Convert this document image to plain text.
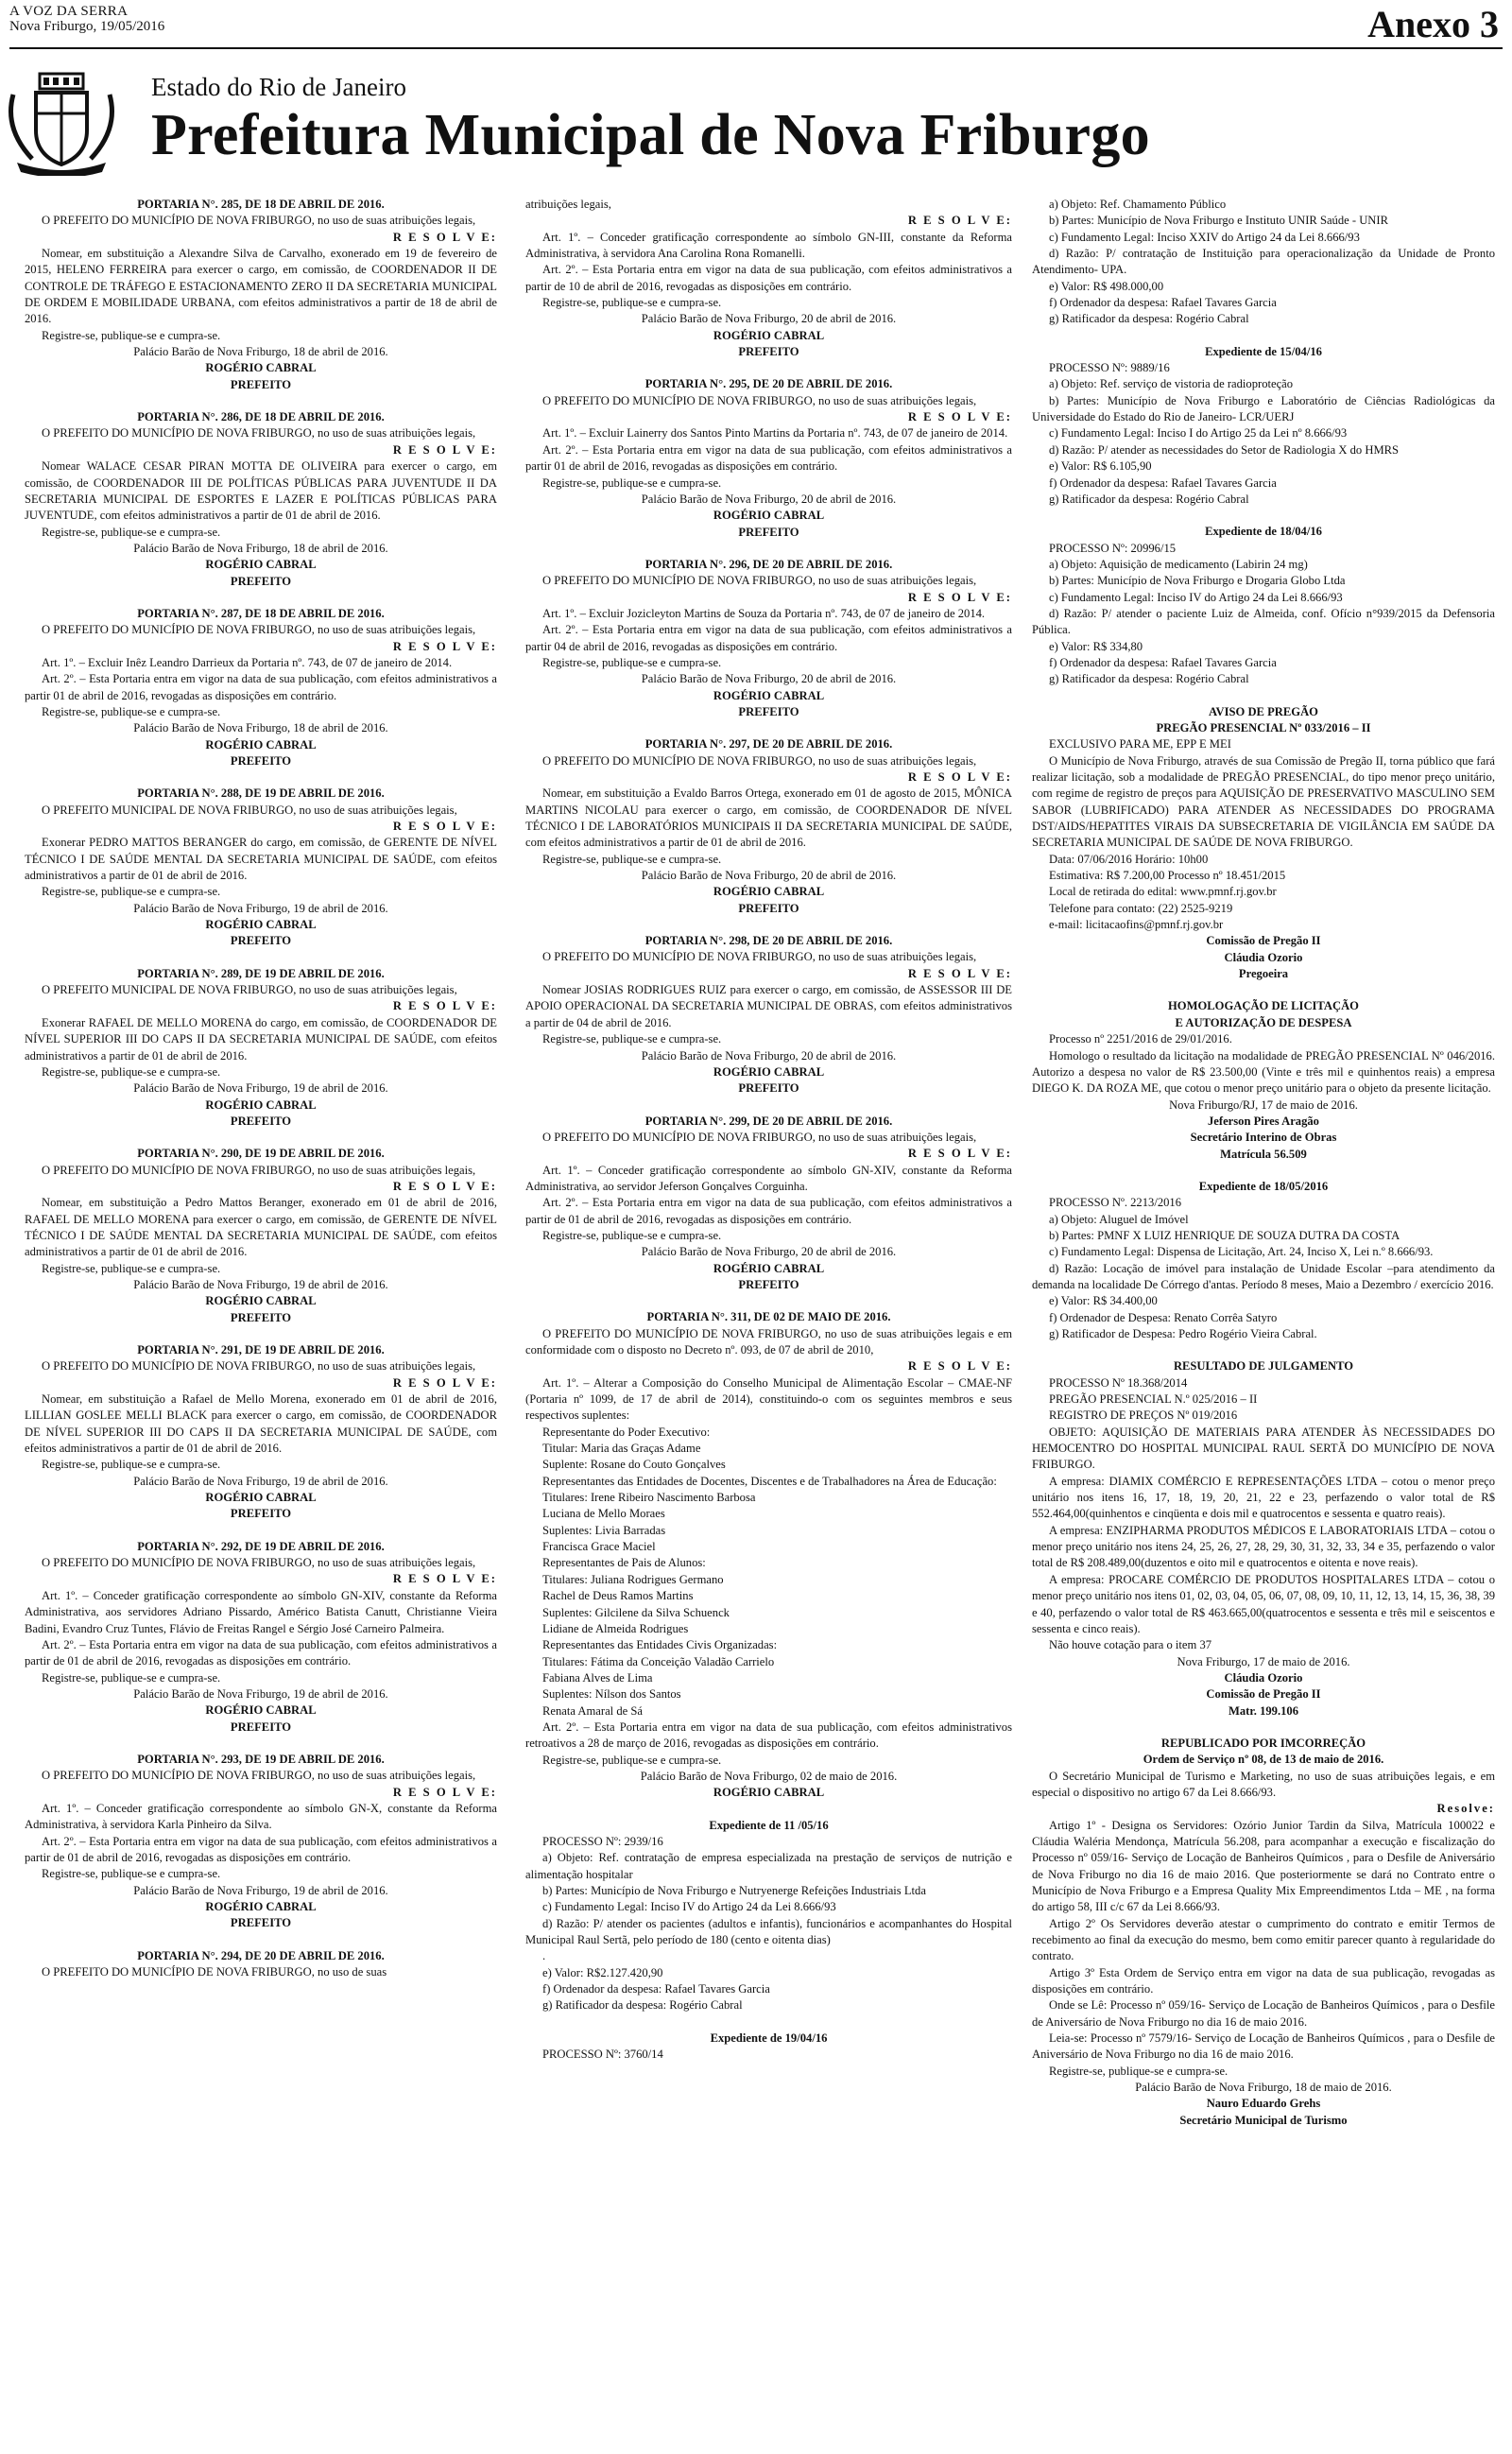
A VOZ DA SERRA
Nova Friburgo, 19/05/2016	Anexo 3
Estado do Rio de Janeiro
Prefeitura Municipal de Nova Friburgo
PORTARIA N°. 285, DE 18 DE ABRIL DE 2016.
O PREFEITO DO MUNICÍPIO DE NOVA FRIBURGO, no uso de suas atribuições legais,
R E S O L V E:
Nomear, em substituição a Alexandre Silva de Carvalho, exonerado em 19 de fevereiro de 2015, HELENO FERREIRA para exercer o cargo, em comissão, de COORDENADOR II DE CONTROLE DE TRÁFEGO E ESTACIONAMENTO ZERO II DA SECRETARIA MUNICIPAL DE ORDEM E MOBILIDADE URBANA, com efeitos administrativos a partir de 18 de abril de 2016.
Registre-se, publique-se e cumpra-se.
Palácio Barão de Nova Friburgo, 18 de abril de 2016.
ROGÉRIO CABRAL
PREFEITO
PORTARIA N°. 286, DE 18 DE ABRIL DE 2016.
O PREFEITO DO MUNICÍPIO DE NOVA FRIBURGO, no uso de suas atribuições legais,
R E S O L V E:
Nomear WALACE CESAR PIRAN MOTTA DE OLIVEIRA para exercer o cargo, em comissão, de COORDENADOR III DE POLÍTICAS PÚBLICAS PARA JUVENTUDE II DA SECRETARIA MUNICIPAL DE ESPORTES E LAZER E POLÍTICAS PÚBLICAS PARA JUVENTUDE, com efeitos administrativos a partir de 01 de abril de 2016.
Registre-se, publique-se e cumpra-se.
Palácio Barão de Nova Friburgo, 18 de abril de 2016.
ROGÉRIO CABRAL
PREFEITO
PORTARIA N°. 287, DE 18 DE ABRIL DE 2016.
O PREFEITO DO MUNICÍPIO DE NOVA FRIBURGO, no uso de suas atribuições legais,
R E S O L V E:
Art. 1º. – Excluir Inêz Leandro Darrieux da Portaria nº. 743, de 07 de janeiro de 2014.
Art. 2º. – Esta Portaria entra em vigor na data de sua publicação, com efeitos administrativos a partir 01 de abril de 2016, revogadas as disposições em contrário.
Registre-se, publique-se e cumpra-se.
Palácio Barão de Nova Friburgo, 18 de abril de 2016.
ROGÉRIO CABRAL
PREFEITO
PORTARIA N°. 288, DE 19 DE ABRIL DE 2016.
O PREFEITO MUNICIPAL DE NOVA FRIBURGO, no uso de suas atribuições legais,
R E S O L V E:
Exonerar PEDRO MATTOS BERANGER do cargo, em comissão, de GERENTE DE NÍVEL TÉCNICO I DE SAÚDE MENTAL DA SECRETARIA MUNICIPAL DE SAÚDE, com efeitos administrativos a partir de 01 de abril de 2016.
Registre-se, publique-se e cumpra-se.
Palácio Barão de Nova Friburgo, 19 de abril de 2016.
ROGÉRIO CABRAL
PREFEITO
PORTARIA N°. 289, DE 19 DE ABRIL DE 2016.
O PREFEITO MUNICIPAL DE NOVA FRIBURGO, no uso de suas atribuições legais,
R E S O L V E:
Exonerar RAFAEL DE MELLO MORENA do cargo, em comissão, de COORDENADOR DE NÍVEL SUPERIOR III DO CAPS II DA SECRETARIA MUNICIPAL DE SAÚDE, com efeitos administrativos a partir de 01 de abril de 2016.
Registre-se, publique-se e cumpra-se.
Palácio Barão de Nova Friburgo, 19 de abril de 2016.
ROGÉRIO CABRAL
PREFEITO
PORTARIA N°. 290, DE 19 DE ABRIL DE 2016.
O PREFEITO DO MUNICÍPIO DE NOVA FRIBURGO, no uso de suas atribuições legais,
R E S O L V E:
Nomear, em substituição a Pedro Mattos Beranger, exonerado em 01 de abril de 2016, RAFAEL DE MELLO MORENA para exercer o cargo, em comissão, de GERENTE DE NÍVEL TÉCNICO I DE SAÚDE MENTAL DA SECRETARIA MUNICIPAL DE SAÚDE, com efeitos administrativos a partir de 01 de abril de 2016.
Registre-se, publique-se e cumpra-se.
Palácio Barão de Nova Friburgo, 19 de abril de 2016.
ROGÉRIO CABRAL
PREFEITO
PORTARIA N°. 291, DE 19 DE ABRIL DE 2016.
O PREFEITO DO MUNICÍPIO DE NOVA FRIBURGO, no uso de suas atribuições legais,
R E S O L V E:
Nomear, em substituição a Rafael de Mello Morena, exonerado em 01 de abril de 2016, LILLIAN GOSLEE MELLI BLACK para exercer o cargo, em comissão, de COORDENADOR DE NÍVEL SUPERIOR III DO CAPS II DA SECRETARIA MUNICIPAL DE SAÚDE, com efeitos administrativos a partir de 01 de abril de 2016.
Registre-se, publique-se e cumpra-se.
Palácio Barão de Nova Friburgo, 19 de abril de 2016.
ROGÉRIO CABRAL
PREFEITO
PORTARIA N°. 292, DE 19 DE ABRIL DE 2016.
O PREFEITO DO MUNICÍPIO DE NOVA FRIBURGO, no uso de suas atribuições legais,
R E S O L V E:
Art. 1º. – Conceder gratificação correspondente ao símbolo GN-XIV, constante da Reforma Administrativa, aos servidores Adriano Pissardo, Américo Batista Canutt, Christianne Vieira Badini, Evandro Cruz Tuntes, Flávio de Freitas Rangel e Sérgio José Carneiro Palmeira.
Art. 2º. – Esta Portaria entra em vigor na data de sua publicação, com efeitos administrativos a partir de 01 de abril de 2016, revogadas as disposições em contrário.
Registre-se, publique-se e cumpra-se.
Palácio Barão de Nova Friburgo, 19 de abril de 2016.
ROGÉRIO CABRAL
PREFEITO
PORTARIA N°. 293, DE 19 DE ABRIL DE 2016.
O PREFEITO DO MUNICÍPIO DE NOVA FRIBURGO, no uso de suas atribuições legais,
R E S O L V E:
Art. 1º. – Conceder gratificação correspondente ao símbolo GN-X, constante da Reforma Administrativa, à servidora Karla Pinheiro da Silva.
Art. 2º. – Esta Portaria entra em vigor na data de sua publicação, com efeitos administrativos a partir de 01 de abril de 2016, revogadas as disposições em contrário.
Registre-se, publique-se e cumpra-se.
Palácio Barão de Nova Friburgo, 19 de abril de 2016.
ROGÉRIO CABRAL
PREFEITO
PORTARIA N°. 294, DE 20 DE ABRIL DE 2016.
O PREFEITO DO MUNICÍPIO DE NOVA FRIBURGO, no uso de suas
atribuições legais,
R E S O L V E:
Art. 1º. – Conceder gratificação correspondente ao símbolo GN-III, constante da Reforma Administrativa, à servidora Ana Carolina Rona Romanelli.
Art. 2º. – Esta Portaria entra em vigor na data de sua publicação, com efeitos administrativos a partir de 10 de abril de 2016, revogadas as disposições em contrário.
Registre-se, publique-se e cumpra-se.
Palácio Barão de Nova Friburgo, 20 de abril de 2016.
ROGÉRIO CABRAL
PREFEITO
PORTARIA N°. 295, DE 20 DE ABRIL DE 2016.
O PREFEITO DO MUNICÍPIO DE NOVA FRIBURGO, no uso de suas atribuições legais,
R E S O L V E:
Art. 1º. – Excluir Lainerry dos Santos Pinto Martins da Portaria nº. 743, de 07 de janeiro de 2014.
Art. 2º. – Esta Portaria entra em vigor na data de sua publicação, com efeitos administrativos a partir 01 de abril de 2016, revogadas as disposições em contrário.
Registre-se, publique-se e cumpra-se.
Palácio Barão de Nova Friburgo, 20 de abril de 2016.
ROGÉRIO CABRAL
PREFEITO
PORTARIA N°. 296, DE 20 DE ABRIL DE 2016.
O PREFEITO DO MUNICÍPIO DE NOVA FRIBURGO, no uso de suas atribuições legais,
R E S O L V E:
Art. 1º. – Excluir Jozicleyton Martins de Souza da Portaria nº. 743, de 07 de janeiro de 2014.
Art. 2º. – Esta Portaria entra em vigor na data de sua publicação, com efeitos administrativos a partir 04 de abril de 2016, revogadas as disposições em contrário.
Registre-se, publique-se e cumpra-se.
Palácio Barão de Nova Friburgo, 20 de abril de 2016.
ROGÉRIO CABRAL
PREFEITO
PORTARIA N°. 297, DE 20 DE ABRIL DE 2016.
O PREFEITO DO MUNICÍPIO DE NOVA FRIBURGO, no uso de suas atribuições legais,
R E S O L V E:
Nomear, em substituição a Evaldo Barros Ortega, exonerado em 01 de agosto de 2015, MÔNICA MARTINS NICOLAU para exercer o cargo, em comissão, de COORDENADOR DE NÍVEL TÉCNICO I DE LABORATÓRIOS MUNICIPAIS II DA SECRETARIA MUNICIPAL DE SAÚDE, com efeitos administrativos a partir de 01 de abril de 2016.
Registre-se, publique-se e cumpra-se.
Palácio Barão de Nova Friburgo, 20 de abril de 2016.
ROGÉRIO CABRAL
PREFEITO
PORTARIA N°. 298, DE 20 DE ABRIL DE 2016.
O PREFEITO DO MUNICÍPIO DE NOVA FRIBURGO, no uso de suas atribuições legais,
R E S O L V E:
Nomear JOSIAS RODRIGUES RUIZ para exercer o cargo, em comissão, de ASSESSOR III DE APOIO OPERACIONAL DA SECRETARIA MUNICIPAL DE OBRAS, com efeitos administrativos a partir de 04 de abril de 2016.
Registre-se, publique-se e cumpra-se.
Palácio Barão de Nova Friburgo, 20 de abril de 2016.
ROGÉRIO CABRAL
PREFEITO
PORTARIA N°. 299, DE 20 DE ABRIL DE 2016.
O PREFEITO DO MUNICÍPIO DE NOVA FRIBURGO, no uso de suas atribuições legais,
R E S O L V E:
Art. 1º. – Conceder gratificação correspondente ao símbolo GN-XIV, constante da Reforma Administrativa, ao servidor Jeferson Gonçalves Corguinha.
Art. 2º. – Esta Portaria entra em vigor na data de sua publicação, com efeitos administrativos a partir de 01 de abril de 2016, revogadas as disposições em contrário.
Registre-se, publique-se e cumpra-se.
Palácio Barão de Nova Friburgo, 20 de abril de 2016.
ROGÉRIO CABRAL
PREFEITO
PORTARIA N°. 311, DE 02 DE MAIO DE 2016.
O PREFEITO DO MUNICÍPIO DE NOVA FRIBURGO, no uso de suas atribuições legais e em conformidade com o disposto no Decreto nº. 093, de 07 de abril de 2010,
R E S O L V E:
Art. 1º. – Alterar a Composição do Conselho Municipal de Alimentação Escolar – CMAE-NF (Portaria nº 1099, de 17 de abril de 2014), constituindo-o com os seguintes membros e seus respectivos suplentes:
Representante do Poder Executivo:
Titular: Maria das Graças Adame
Suplente: Rosane do Couto Gonçalves
Representantes das Entidades de Docentes, Discentes e de Trabalhadores na Área de Educação:
Titulares: Irene Ribeiro Nascimento Barbosa
Luciana de Mello Moraes
Suplentes: Livia Barradas
Francisca Grace Maciel
Representantes de Pais de Alunos:
Titulares: Juliana Rodrigues Germano
Rachel de Deus Ramos Martins
Suplentes: Gilcilene da Silva Schuenck
Lidiane de Almeida Rodrigues
Representantes das Entidades Civis Organizadas:
Titulares: Fátima da Conceição Valadão Carrielo
Fabiana Alves de Lima
Suplentes: Nílson dos Santos
Renata Amaral de Sá
Art. 2º. – Esta Portaria entra em vigor na data de sua publicação, com efeitos administrativos retroativos a 28 de março de 2016, revogadas as disposições em contrário.
Registre-se, publique-se e cumpra-se.
Palácio Barão de Nova Friburgo, 02 de maio de 2016.
ROGÉRIO CABRAL
Expediente de 11 /05/16
PROCESSO Nº: 2939/16
a) Objeto: Ref. contratação de empresa especializada na prestação de serviços de nutrição e alimentação hospitalar
b) Partes: Município de Nova Friburgo e Nutryenerge Refeições Industriais Ltda
c) Fundamento Legal: Inciso IV do Artigo 24 da Lei 8.666/93
d) Razão: P/ atender os pacientes (adultos e infantis), funcionários e acompanhantes do Hospital Municipal Raul Sertã, pelo período de 180 (cento e oitenta dias)
.
e) Valor: R$2.127.420,90
f) Ordenador da despesa: Rafael Tavares Garcia
g) Ratificador da despesa: Rogério Cabral
Expediente de 19/04/16
PROCESSO Nº: 3760/14
a) Objeto: Ref. Chamamento Público
b) Partes: Município de Nova Friburgo e Instituto UNIR Saúde - UNIR
c) Fundamento Legal: Inciso XXIV do Artigo 24 da Lei 8.666/93
d) Razão: P/ contratação de Instituição para operacionalização da Unidade de Pronto Atendimento- UPA.
e) Valor: R$ 498.000,00
f) Ordenador da despesa: Rafael Tavares Garcia
g) Ratificador da despesa: Rogério Cabral
Expediente de 15/04/16
PROCESSO Nº: 9889/16
a) Objeto: Ref. serviço de vistoria de radioproteção
b) Partes: Município de Nova Friburgo e Laboratório de Ciências Radiológicas da Universidade do Estado do Rio de Janeiro- LCR/UERJ
c) Fundamento Legal: Inciso I do Artigo 25 da Lei nº 8.666/93
d) Razão: P/ atender as necessidades do Setor de Radiologia X do HMRS
e) Valor: R$ 6.105,90
f) Ordenador da despesa: Rafael Tavares Garcia
g) Ratificador da despesa: Rogério Cabral
Expediente de 18/04/16
PROCESSO Nº: 20996/15
a) Objeto: Aquisição de medicamento (Labirin 24 mg)
b) Partes: Município de Nova Friburgo e Drogaria Globo Ltda
c) Fundamento Legal: Inciso IV do Artigo 24 da Lei 8.666/93
d) Razão: P/ atender o paciente Luiz de Almeida, conf. Ofício n°939/2015 da Defensoria Pública.
e) Valor: R$ 334,80
f) Ordenador da despesa: Rafael Tavares Garcia
g) Ratificador da despesa: Rogério Cabral
AVISO DE PREGÃO
PREGÃO PRESENCIAL Nº 033/2016 – II
EXCLUSIVO PARA ME, EPP E MEI
O Município de Nova Friburgo, através de sua Comissão de Pregão II, torna público que fará realizar licitação, sob a modalidade de PREGÃO PRESENCIAL, do tipo menor preço unitário, com regime de registro de preços para AQUISIÇÃO DE PRESERVATIVO MASCULINO SEM SABOR (LUBRIFICADO) PARA ATENDER AS NECESSIDADES DO PROGRAMA DST/AIDS/HEPATITES VIRAIS DA SUBSECRETARIA DE VIGILÂNCIA EM SAÚDE DA SECRETARIA MUNICIPAL DE SAÚDE DE NOVA FRIBURGO.
Data: 07/06/2016 Horário: 10h00
Estimativa: R$ 7.200,00 Processo nº 18.451/2015
Local de retirada do edital: www.pmnf.rj.gov.br
Telefone para contato: (22) 2525-9219
e-mail: licitacaofins@pmnf.rj.gov.br
Comissão de Pregão II
Cláudia Ozorio
Pregoeira
HOMOLOGAÇÃO DE LICITAÇÃO
E AUTORIZAÇÃO DE DESPESA
Processo nº 2251/2016 de 29/01/2016.
Homologo o resultado da licitação na modalidade de PREGÃO PRESENCIAL Nº 046/2016. Autorizo a despesa no valor de R$ 23.500,00 (Vinte e três mil e quinhentos reais) a empresa DIEGO K. DA ROZA ME, que cotou o menor preço unitário para o objeto da presente licitação.
Nova Friburgo/RJ, 17 de maio de 2016.
Jeferson Pires Aragão
Secretário Interino de Obras
Matrícula 56.509
Expediente de 18/05/2016
PROCESSO Nº. 2213/2016
a) Objeto: Aluguel de Imóvel
b) Partes: PMNF X LUIZ HENRIQUE DE SOUZA DUTRA DA COSTA
c) Fundamento Legal: Dispensa de Licitação, Art. 24, Inciso X, Lei n.º 8.666/93.
d) Razão: Locação de imóvel para instalação de Unidade Escolar –para atendimento da demanda na localidade De Córrego d'antas. Período 8 meses, Maio a Dezembro / exercício 2016.
e) Valor: R$ 34.400,00
f) Ordenador de Despesa: Renato Corrêa Satyro
g) Ratificador de Despesa: Pedro Rogério Vieira Cabral.
RESULTADO DE JULGAMENTO
PROCESSO Nº 18.368/2014
PREGÃO PRESENCIAL N.º 025/2016 – II
REGISTRO DE PREÇOS Nº 019/2016
OBJETO: AQUISIÇÃO DE MATERIAIS PARA ATENDER ÀS NECESSIDADES DO HEMOCENTRO DO HOSPITAL MUNICIPAL RAUL SERTÃ DO MUNICÍPIO DE NOVA FRIBURGO.
A empresa: DIAMIX COMÉRCIO E REPRESENTAÇÕES LTDA – cotou o menor preço unitário nos itens 16, 17, 18, 19, 20, 21, 22 e 23, perfazendo o valor total de R$ 552.464,00(quinhentos e cinqüenta e dois mil e quatrocentos e sessenta e quatro reais).
A empresa: ENZIPHARMA PRODUTOS MÉDICOS E LABORATORIAIS LTDA – cotou o menor preço unitário nos itens 24, 25, 26, 27, 28, 29, 30, 31, 32, 33, 34 e 35, perfazendo o valor total de R$ 208.489,00(duzentos e oito mil e quatrocentos e oitenta e nove reais).
A empresa: PROCARE COMÉRCIO DE PRODUTOS HOSPITALARES LTDA – cotou o menor preço unitário nos itens 01, 02, 03, 04, 05, 06, 07, 08, 09, 10, 11, 12, 13, 14, 15, 36, 38, 39 e 40, perfazendo o valor total de R$ 463.665,00(quatrocentos e sessenta e três mil e seiscentos e sessenta e cinco reais).
Não houve cotação para o item 37
Nova Friburgo, 17 de maio de 2016.
Cláudia Ozorio
Comissão de Pregão II
Matr. 199.106
REPUBLICADO POR IMCORREÇÃO
Ordem de Serviço nº 08, de 13 de maio de 2016.
O Secretário Municipal de Turismo e Marketing, no uso de suas atribuições legais, e em especial o dispositivo no artigo 67 da Lei 8.666/93.
Resolve:
Artigo 1º - Designa os Servidores: Ozório Junior Tardin da Silva, Matrícula 100022 e Cláudia Waléria Mendonça, Matrícula 56.208, para acompanhar a execução e fiscalização do Processo nº 059/16- Serviço de Locação de Banheiros Químicos , para o Desfile de Aniversário de Nova Friburgo no dia 16 de maio 2016. Que posteriormente se dará no Contrato entre o Município de Nova Friburgo e a Empresa Quality Mix Empreendimentos Ltda – ME , na forma do artigo 58, III c/c 67 da Lei 8.666/93.
Artigo 2º Os Servidores deverão atestar o cumprimento do contrato e emitir Termos de recebimento ao final da execução do mesmo, bem como emitir parecer quanto à regularidade do contrato.
Artigo 3º Esta Ordem de Serviço entra em vigor na data de sua publicação, revogadas as disposições em contrário.
Onde se Lê: Processo nº 059/16- Serviço de Locação de Banheiros Químicos , para o Desfile de Aniversário de Nova Friburgo no dia 16 de maio 2016.
Leia-se: Processo nº 7579/16- Serviço de Locação de Banheiros Químicos , para o Desfile de Aniversário de Nova Friburgo no dia 16 de maio 2016.
Registre-se, publique-se e cumpra-se.
Palácio Barão de Nova Friburgo, 18 de maio de 2016.
Nauro Eduardo Grehs
Secretário Municipal de Turismo
